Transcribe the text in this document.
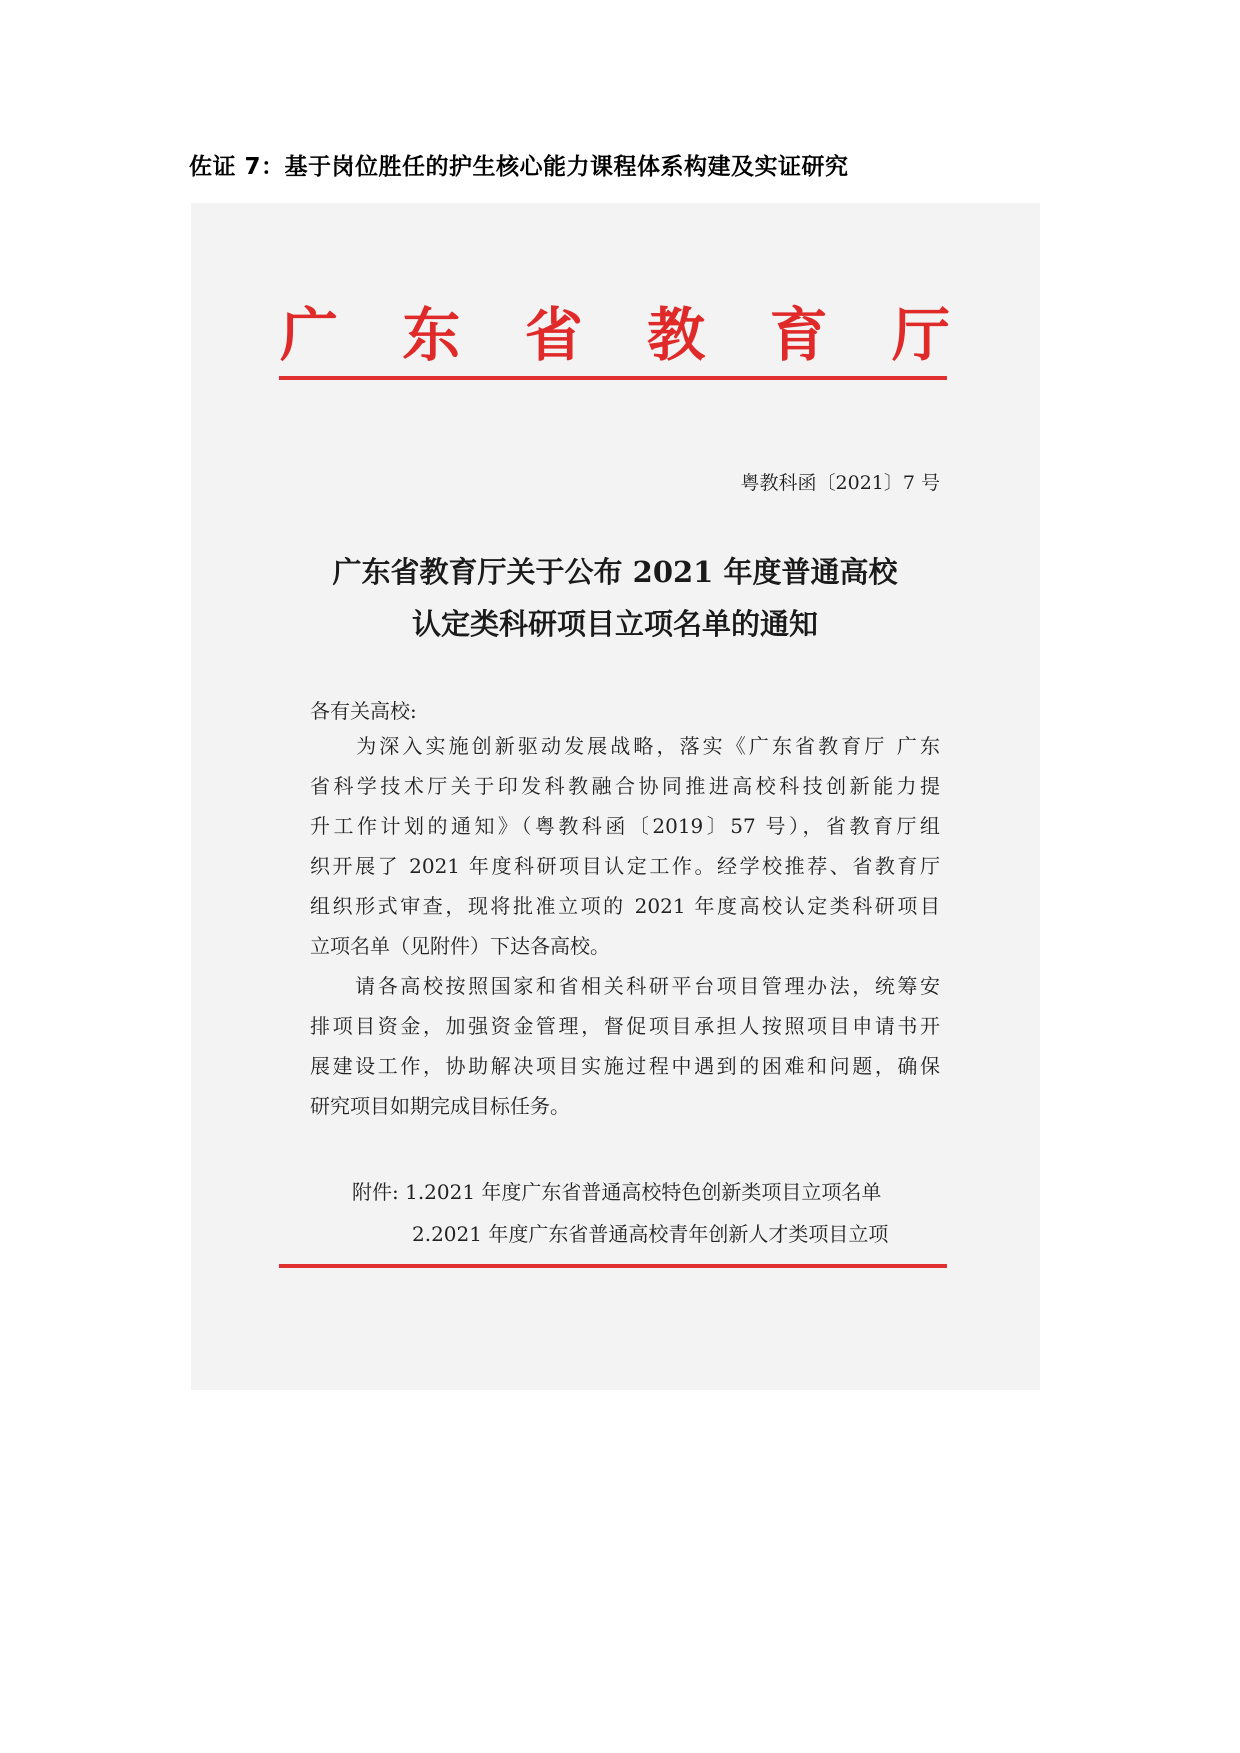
佐证 7：基于岗位胜任的护生核心能力课程体系构建及实证研究
广 东 省 教 育 厅
粤教科函〔2021〕7 号
广东省教育厅关于公布 2021 年度普通高校
认定类科研项目立项名单的通知
各有关高校:
　　为深入实施创新驱动发展战略，落实《广东省教育厅 广东
省科学技术厅关于印发科教融合协同推进高校科技创新能力提
升工作计划的通知》（粤教科函〔2019〕57 号），省教育厅组
织开展了 2021 年度科研项目认定工作。经学校推荐、省教育厅
组织形式审查，现将批准立项的 2021 年度高校认定类科研项目
立项名单（见附件）下达各高校。
　　请各高校按照国家和省相关科研平台项目管理办法，统筹安
排项目资金，加强资金管理，督促项目承担人按照项目申请书开
展建设工作，协助解决项目实施过程中遇到的困难和问题，确保
研究项目如期完成目标任务。
附件: 1.2021 年度广东省普通高校特色创新类项目立项名单
2.2021 年度广东省普通高校青年创新人才类项目立项
